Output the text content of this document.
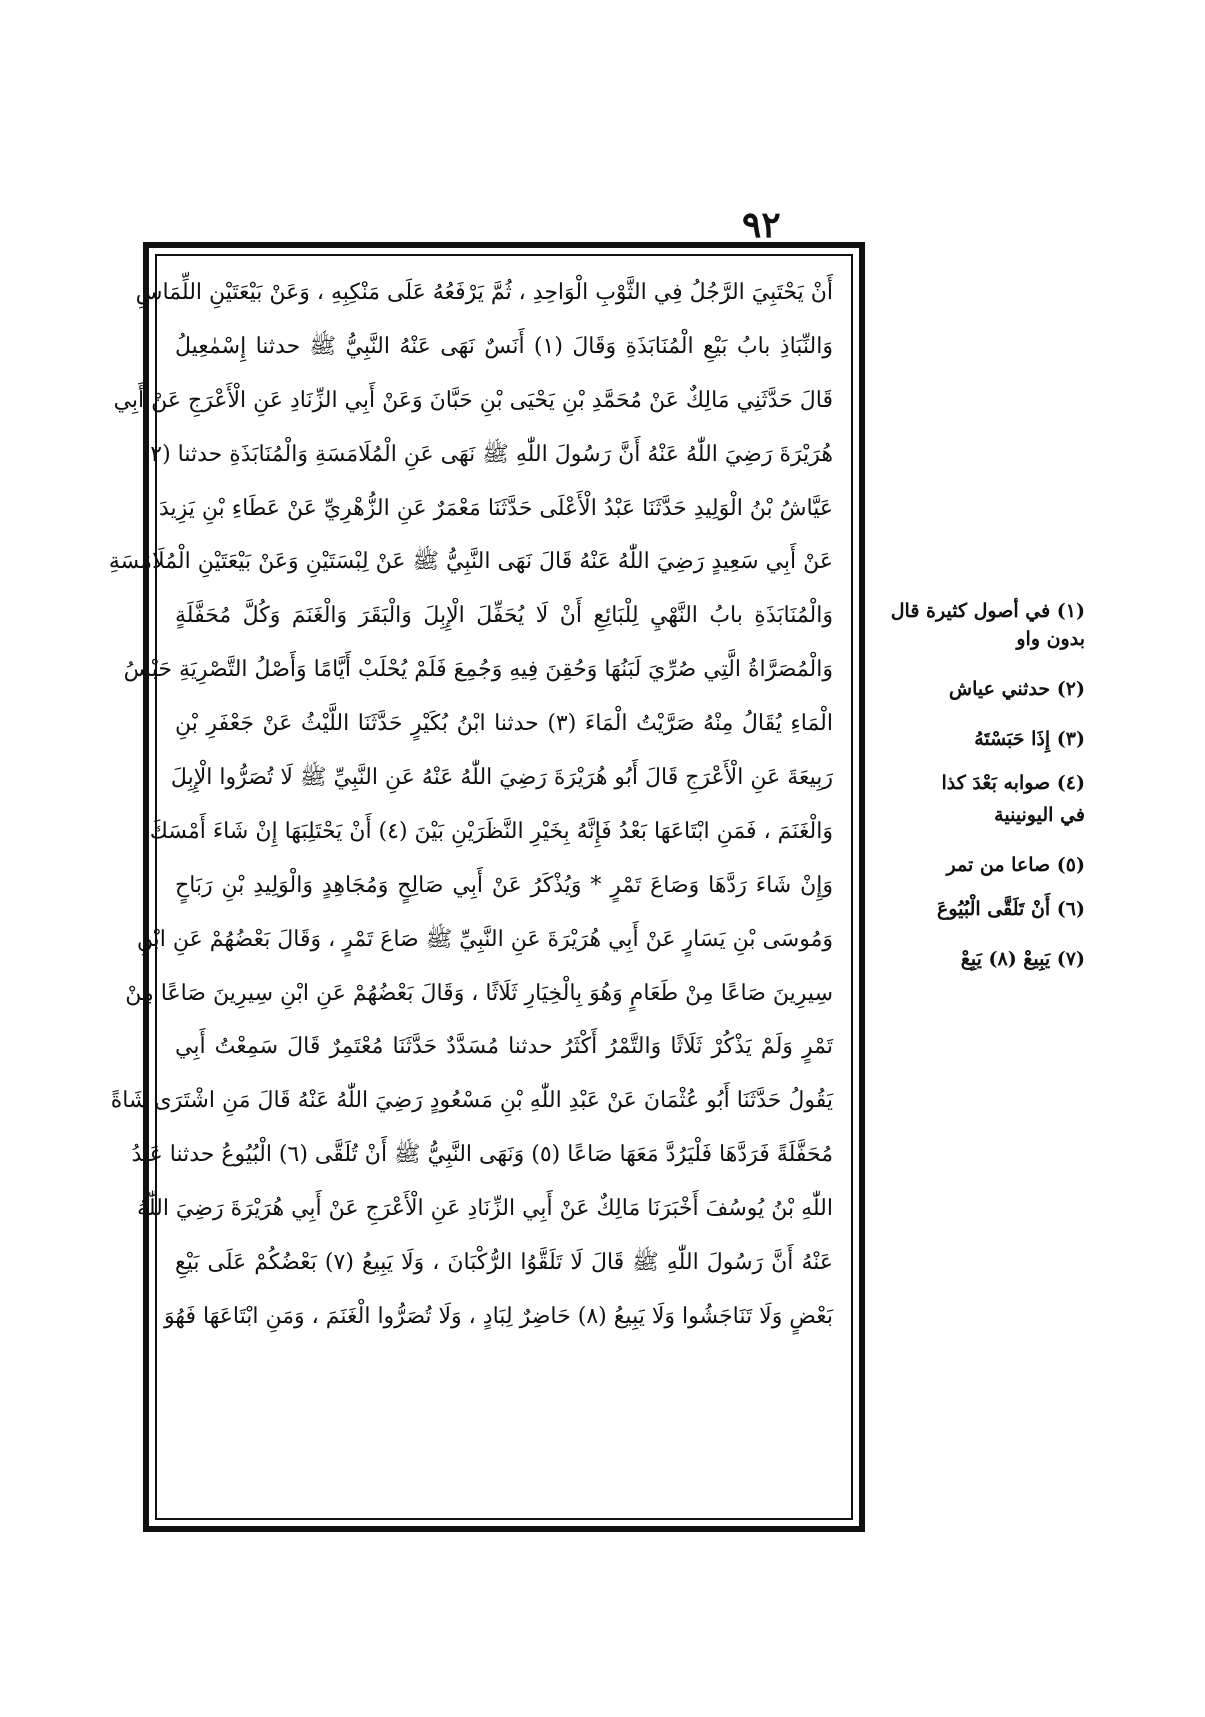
٩٢
أَنْ يَحْتَبِيَ الرَّجُلُ فِي الثَّوْبِ الْوَاحِدِ ، ثُمَّ يَرْفَعُهُ عَلَى مَنْكِبِهِ ، وَعَنْ بَيْعَتَيْنِ اللِّمَاسِ
وَالنِّبَاذِ بابُ بَيْعِ الْمُنَابَذَةِ وَقَالَ (١) أَنَسٌ نَهَى عَنْهُ النَّبِيُّ ﷺ حدثنا إِسْمٰعِيلُ
قَالَ حَدَّثَنِي مَالِكٌ عَنْ مُحَمَّدِ بْنِ يَحْيَى بْنِ حَبَّانَ وَعَنْ أَبِي الزِّنَادِ عَنِ الْأَعْرَجِ عَنْ أَبِي
هُرَيْرَةَ رَضِيَ اللّٰهُ عَنْهُ أَنَّ رَسُولَ اللّٰهِ ﷺ نَهَى عَنِ الْمُلَامَسَةِ وَالْمُنَابَذَةِ حدثنا (٢)
عَيَّاشُ بْنُ الْوَلِيدِ حَدَّثَنَا عَبْدُ الْأَعْلَى حَدَّثَنَا مَعْمَرٌ عَنِ الزُّهْرِيِّ عَنْ عَطَاءِ بْنِ يَزِيدَ
عَنْ أَبِي سَعِيدٍ رَضِيَ اللّٰهُ عَنْهُ قَالَ نَهَى النَّبِيُّ ﷺ عَنْ لِبْسَتَيْنِ وَعَنْ بَيْعَتَيْنِ الْمُلَامَسَةِ
وَالْمُنَابَذَةِ بابُ النَّهْيِ لِلْبَائِعِ أَنْ لَا يُحَفِّلَ الْإِبِلَ وَالْبَقَرَ وَالْغَنَمَ وَكُلَّ مُحَفَّلَةٍ
وَالْمُصَرَّاةُ الَّتِي صُرِّيَ لَبَنُهَا وَحُقِنَ فِيهِ وَجُمِعَ فَلَمْ يُحْلَبْ أَيَّامًا وَأَصْلُ التَّصْرِيَةِ حَبْسُ
الْمَاءِ يُقَالُ مِنْهُ صَرَّيْتُ الْمَاءَ (٣) حدثنا ابْنُ بُكَيْرٍ حَدَّثَنَا اللَّيْثُ عَنْ جَعْفَرِ بْنِ
رَبِيعَةَ عَنِ الْأَعْرَجِ قَالَ أَبُو هُرَيْرَةَ رَضِيَ اللّٰهُ عَنْهُ عَنِ النَّبِيِّ ﷺ لَا تُصَرُّوا الْإِبِلَ
وَالْغَنَمَ ، فَمَنِ ابْتَاعَهَا بَعْدُ فَإِنَّهُ بِخَيْرِ النَّظَرَيْنِ بَيْنَ (٤) أَنْ يَحْتَلِبَهَا إِنْ شَاءَ أَمْسَكَ
وَإِنْ شَاءَ رَدَّهَا وَصَاعَ تَمْرٍ * وَيُذْكَرُ عَنْ أَبِي صَالِحٍ وَمُجَاهِدٍ وَالْوَلِيدِ بْنِ رَبَاحٍ
وَمُوسَى بْنِ يَسَارٍ عَنْ أَبِي هُرَيْرَةَ عَنِ النَّبِيِّ ﷺ صَاعَ تَمْرٍ ، وَقَالَ بَعْضُهُمْ عَنِ ابْنِ
سِيرِينَ صَاعًا مِنْ طَعَامٍ وَهُوَ بِالْخِيَارِ ثَلَاثًا ، وَقَالَ بَعْضُهُمْ عَنِ ابْنِ سِيرِينَ صَاعًا مِنْ
تَمْرٍ وَلَمْ يَذْكُرْ ثَلَاثًا وَالتَّمْرُ أَكْثَرُ حدثنا مُسَدَّدٌ حَدَّثَنَا مُعْتَمِرٌ قَالَ سَمِعْتُ أَبِي
يَقُولُ حَدَّثَنَا أَبُو عُثْمَانَ عَنْ عَبْدِ اللّٰهِ بْنِ مَسْعُودٍ رَضِيَ اللّٰهُ عَنْهُ قَالَ مَنِ اشْتَرَى شَاةً
مُحَفَّلَةً فَرَدَّهَا فَلْيَرُدَّ مَعَهَا صَاعًا (٥) وَنَهَى النَّبِيُّ ﷺ أَنْ تُلَقَّى (٦) الْبُيُوعُ حدثنا عَبْدُ
اللّٰهِ بْنُ يُوسُفَ أَخْبَرَنَا مَالِكٌ عَنْ أَبِي الزِّنَادِ عَنِ الْأَعْرَجِ عَنْ أَبِي هُرَيْرَةَ رَضِيَ اللّٰهُ
عَنْهُ أَنَّ رَسُولَ اللّٰهِ ﷺ قَالَ لَا تَلَقَّوُا الرُّكْبَانَ ، وَلَا يَبِيعُ (٧) بَعْضُكُمْ عَلَى بَيْعِ
بَعْضٍ وَلَا تَنَاجَشُوا وَلَا يَبِيعُ (٨) حَاضِرٌ لِبَادٍ ، وَلَا تُصَرُّوا الْغَنَمَ ، وَمَنِ ابْتَاعَهَا فَهُوَ
(١) في أصول كثيرة قال
بدون واو
(٢) حدثني عياش
(٣) إِذَا حَبَسْتَهُ
(٤) صوابه بَعْدَ كذا
في اليونينية
(٥) صاعا من تمر
(٦) أَنْ تَلَقَّى الْبُيُوعَ
(٧) يَبِيعْ (٨) يَبِعْ
